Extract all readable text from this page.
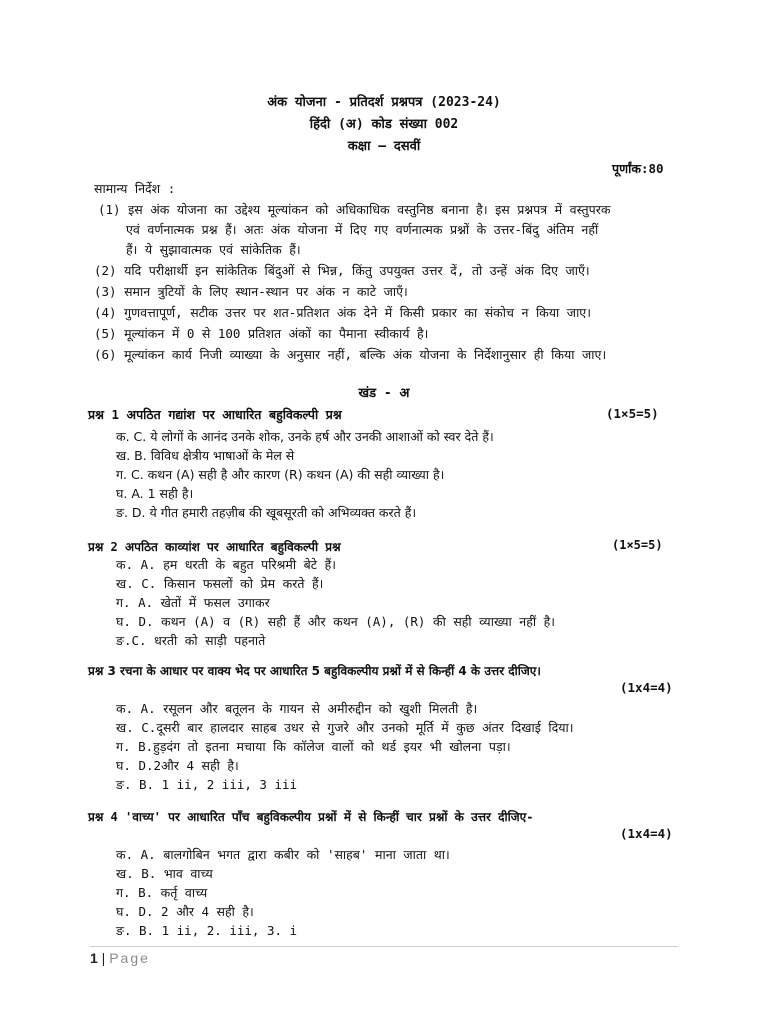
अंक योजना - प्रतिदर्श प्रश्नपत्र (2023-24)
हिंदी (अ) कोड संख्या 002
कक्षा – दसवीं
पूर्णांक:80
सामान्य निर्देश :
(1) इस अंक योजना का उद्देश्य मूल्यांकन को अधिकाधिक वस्तुनिष्ठ बनाना है। इस प्रश्नपत्र में वस्तुपरक
एवं वर्णनात्मक प्रश्न हैं। अतः अंक योजना में दिए गए वर्णनात्मक प्रश्नों के उत्तर-बिंदु अंतिम नहीं
हैं। ये सुझावात्मक एवं सांकेतिक हैं।
(2) यदि परीक्षार्थी इन सांकेतिक बिंदुओं से भिन्न, किंतु उपयुक्त उत्तर दें, तो उन्हें अंक दिए जाएँ।
(3) समान त्रुटियों के लिए स्थान-स्थान पर अंक न काटे जाएँ।
(4) गुणवत्तापूर्ण, सटीक उत्तर पर शत-प्रतिशत अंक देने में किसी प्रकार का संकोच न किया जाए।
(5) मूल्यांकन में 0 से 100 प्रतिशत अंकों का पैमाना स्वीकार्य है।
(6) मूल्यांकन कार्य निजी व्याख्या के अनुसार नहीं, बल्कि अंक योजना के निर्देशानुसार ही किया जाए।
खंड - अ
प्रश्न 1 अपठित गद्यांश पर आधारित बहुविकल्पी प्रश्न	(1×5=5)
क. C. ये लोगों के आनंद उनके शोक, उनके हर्ष और उनकी आशाओं को स्वर देते हैं।
ख. B. विविध क्षेत्रीय भाषाओं के मेल से
ग. C. कथन (A) सही है और कारण (R) कथन (A) की सही व्याख्या है।
घ. A. 1 सही है।
ङ. D. ये गीत हमारी तहज़ीब की खूबसूरती को अभिव्यक्त करते हैं।
प्रश्न 2 अपठित काव्यांश पर आधारित बहुविकल्पी प्रश्न	(1×5=5)
क. A. हम धरती के बहुत परिश्रमी बेटे हैं।
ख. C. किसान फसलों को प्रेम करते हैं।
ग. A. खेतों में फसल उगाकर
घ. D. कथन (A) व (R) सही हैं और कथन (A), (R) की सही व्याख्या नहीं है।
ङ.C. धरती को साड़ी पहनाते
प्रश्न 3 रचना के आधार पर वाक्य भेद पर आधारित 5 बहुविकल्पीय प्रश्नों में से किन्हीं 4 के उत्तर दीजिए।
(1x4=4)
क. A. रसूलन और बतूलन के गायन से अमीरुद्दीन को खुशी मिलती है।
ख. C.दूसरी बार हालदार साहब उधर से गुजरे और उनको मूर्ति में कुछ अंतर दिखाई दिया।
ग. B.हुड़दंग तो इतना मचाया कि कॉलेज वालों को थर्ड इयर भी खोलना पड़ा।
घ. D.2और 4 सही है।
ङ. B. 1 ii, 2 iii, 3 iii
प्रश्न 4 'वाच्य' पर आधारित पाँच बहुविकल्पीय प्रश्नों में से किन्हीं चार प्रश्नों के उत्तर दीजिए-
(1x4=4)
क. A. बालगोबिन भगत द्वारा कबीर को 'साहब' माना जाता था।
ख. B. भाव वाच्य
ग. B. कर्तृ वाच्य
घ. D. 2 और 4 सही है।
ङ. B. 1 ii, 2. iii, 3. i
1 | Page
